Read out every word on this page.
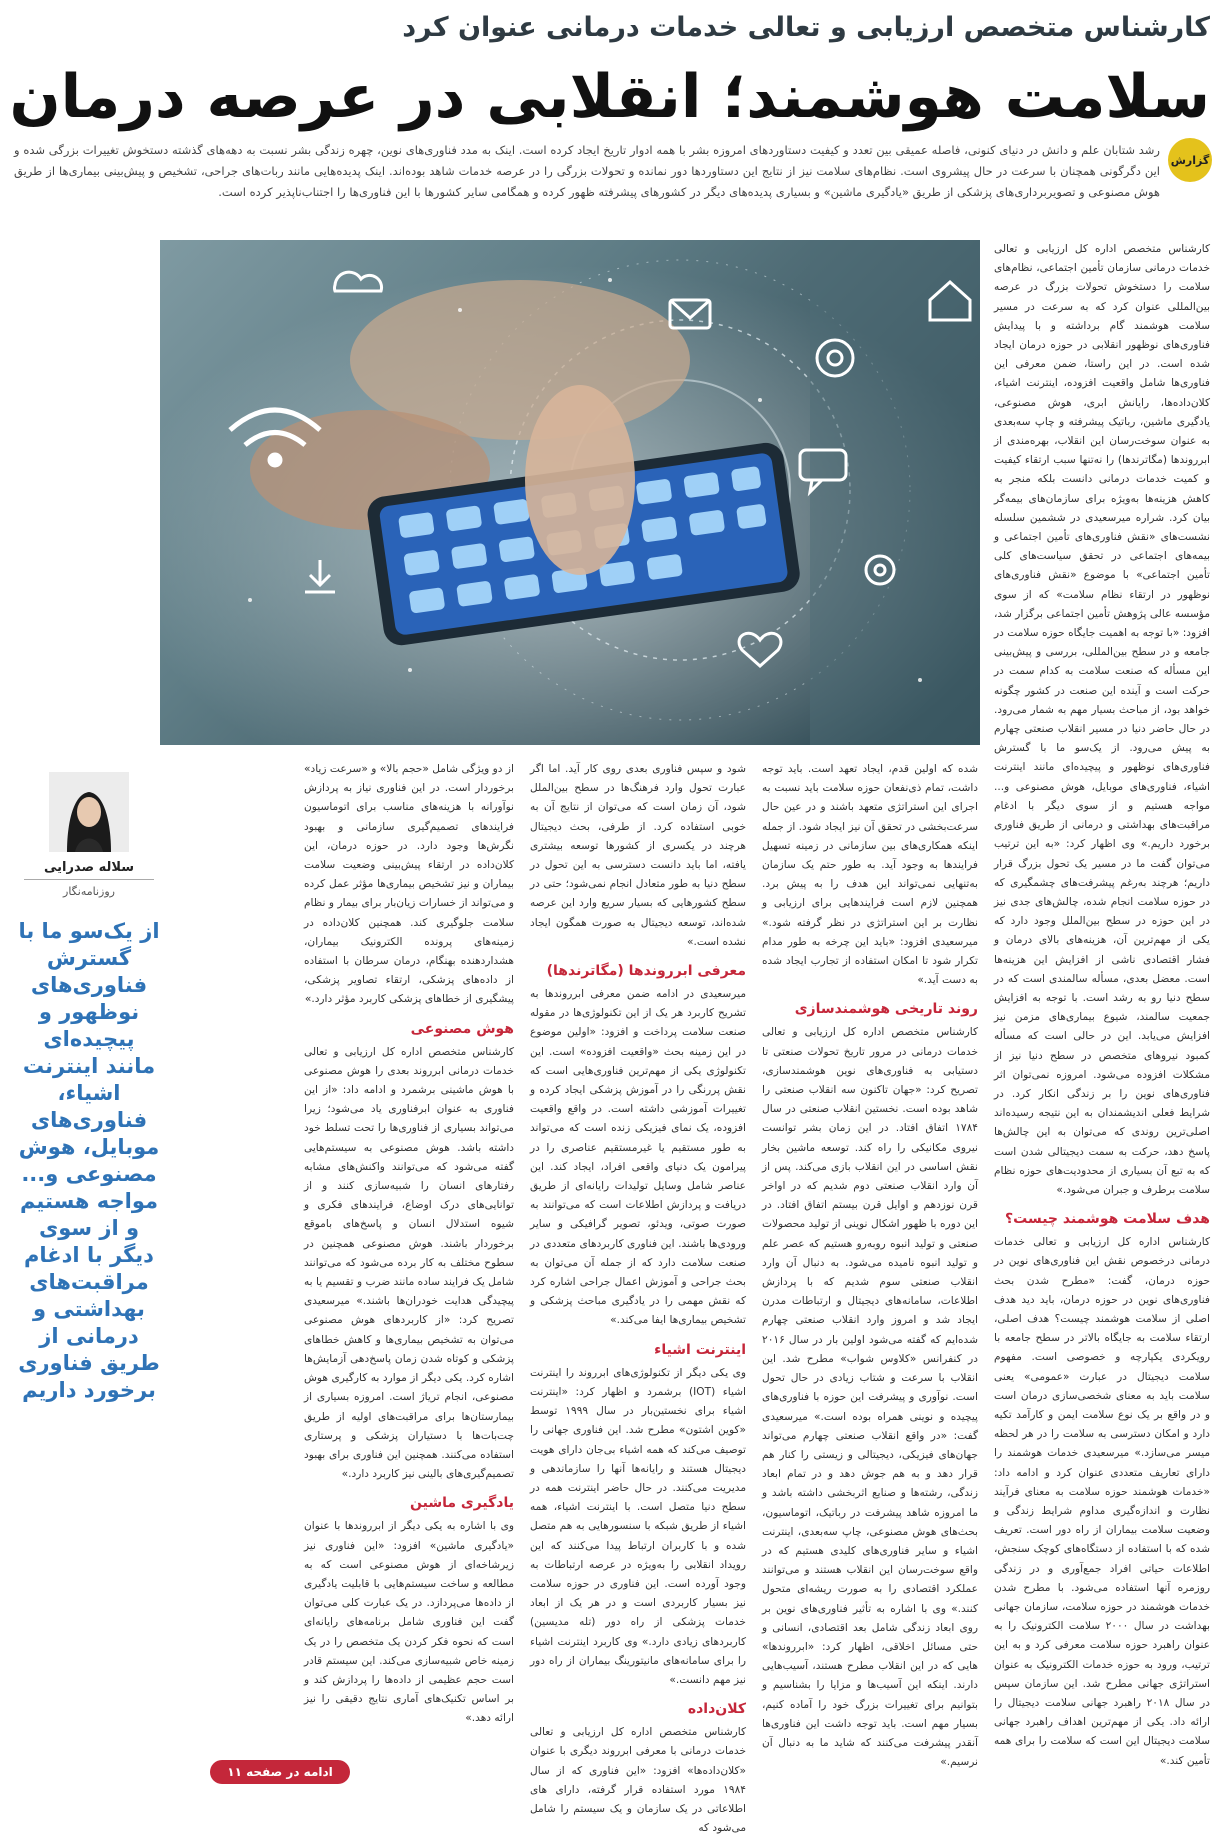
کارشناس متخصص ارزیابی و تعالی خدمات درمانی عنوان کرد
سلامت هوشمند؛ انقلابی در عرصه درمان
گزارش
رشد شتابان علم و دانش در دنیای کنونی، فاصله عمیقی بین تعدد و کیفیت دستاوردهای امروزه بشر با همه ادوار تاریخ ایجاد کرده است. اینک به مدد فناوری‌های نوین، چهره زندگی بشر نسبت به دهه‌های گذشته دستخوش تغییرات بزرگی شده و این دگرگونی همچنان با سرعت در حال پیشروی است. نظام‌های سلامت نیز از نتایج این دستاوردها دور نمانده و تحولات بزرگی را در عرصه خدمات شاهد بوده‌اند. اینک پدیده‌هایی مانند ربات‌های جراحی، تشخیص و پیش‌بینی بیماری‌ها از طریق هوش مصنوعی و تصویربرداری‌های پزشکی از طریق «یادگیری ماشین» و بسیاری پدیده‌های دیگر در کشورهای پیشرفته ظهور کرده و همگامی سایر کشورها با این فناوری‌ها را اجتناب‌ناپذیر کرده است.

کارشناس متخصص اداره کل ارزیابی و تعالی خدمات درمانی سازمان تأمین اجتماعی، نظام‌های سلامت را دستخوش تحولات بزرگ در عرصه بین‌المللی عنوان کرد که به سرعت در مسیر سلامت هوشمند گام برداشته و با پیدایش فناوری‌های نوظهور انقلابی در حوزه درمان ایجاد شده است. در این راستا، ضمن معرفی این فناوری‌ها شامل واقعیت افزوده، اینترنت اشیاء، کلان‌داده‌ها، رایانش ابری، هوش مصنوعی، یادگیری ماشین، رباتیک پیشرفته و چاپ سه‌بعدی به عنوان سوخت‌رسان این انقلاب، بهره‌مندی از ابرروندها (مگاترندها) را نه‌تنها سبب ارتقاء کیفیت و کمیت خدمات درمانی دانست بلکه منجر به کاهش هزینه‌ها به‌ویژه برای سازمان‌های بیمه‌گر بیان کرد. شراره میرسعیدی در ششمین سلسله نشست‌های «نقش فناوری‌های تأمین اجتماعی و بیمه‌های اجتماعی در تحقق سیاست‌های کلی تأمین اجتماعی» با موضوع «نقش فناوری‌های نوظهور در ارتقاء نظام سلامت» که از سوی مؤسسه عالی پژوهش تأمین اجتماعی برگزار شد، افزود: «با توجه به اهمیت جایگاه حوزه سلامت در جامعه و در سطح بین‌المللی، بررسی و پیش‌بینی این مسأله که صنعت سلامت به کدام سمت در حرکت است و آینده این صنعت در کشور چگونه خواهد بود، از مباحث بسیار مهم به شمار می‌رود. در حال حاضر دنیا در مسیر انقلاب صنعتی چهارم به پیش می‌رود. از یک‌سو ما با گسترش فناوری‌های نوظهور و پیچیده‌ای مانند اینترنت اشیاء، فناوری‌های موبایل، هوش مصنوعی و... مواجه هستیم و از سوی دیگر با ادغام مراقبت‌های بهداشتی و درمانی از طریق فناوری برخورد داریم.» وی اظهار کرد: «به این ترتیب می‌توان گفت ما در مسیر یک تحول بزرگ قرار داریم؛ هرچند به‌رغم پیشرفت‌های چشمگیری که در حوزه سلامت انجام شده، چالش‌های جدی نیز در این حوزه در سطح بین‌الملل وجود دارد که یکی از مهم‌ترین آن، هزینه‌های بالای درمان و فشار اقتصادی ناشی از افزایش این هزینه‌ها است. معضل بعدی، مسأله سالمندی است که در سطح دنیا رو به رشد است. با توجه به افزایش جمعیت سالمند، شیوع بیماری‌های مزمن نیز افزایش می‌یابد. این در حالی است که مسأله کمبود نیروهای متخصص در سطح دنیا نیز از مشکلات افزوده می‌شود. امروزه نمی‌توان اثر فناوری‌های نوین را بر زندگی انکار کرد. در شرایط فعلی اندیشمندان به این نتیجه رسیده‌اند اصلی‌ترین روندی که می‌توان به این چالش‌ها پاسخ دهد، حرکت به سمت دیجیتالی شدن است که به تبع آن بسیاری از محدودیت‌های حوزه نظام سلامت برطرف و جبران می‌شود.»

هدف سلامت هوشمند چیست؟

کارشناس اداره کل ارزیابی و تعالی خدمات درمانی درخصوص نقش این فناوری‌های نوین در حوزه درمان، گفت: «مطرح شدن بحث فناوری‌های نوین در حوزه درمان، باید دید هدف اصلی از سلامت هوشمند چیست؟ هدف اصلی، ارتقاء سلامت به جایگاه بالاتر در سطح جامعه با رویکردی یکپارچه و خصوصی است. مفهوم سلامت دیجیتال در عبارت «عمومی» یعنی سلامت باید به معنای شخصی‌سازی درمان است و در واقع بر یک نوع سلامت ایمن و کارآمد تکیه دارد و امکان دسترسی به سلامت را در هر لحظه میسر می‌سازد.» میرسعیدی خدمات هوشمند را دارای تعاریف متعددی عنوان کرد و ادامه داد: «خدمات هوشمند حوزه سلامت به معنای فرآیند نظارت و اندازه‌گیری مداوم شرایط زندگی و وضعیت سلامت بیماران از راه دور است. تعریف شده که با استفاده از دستگاه‌های کوچک سنجش، اطلاعات حیاتی افراد جمع‌آوری و در زندگی روزمره آنها استفاده می‌شود. با مطرح شدن خدمات هوشمند در حوزه سلامت، سازمان جهانی بهداشت در سال ۲۰۰۰ سلامت الکترونیک را به عنوان راهبرد حوزه سلامت معرفی کرد و به این ترتیب، ورود به حوزه خدمات الکترونیک به عنوان استراتژی جهانی مطرح شد. این سازمان سپس در سال ۲۰۱۸ راهبرد جهانی سلامت دیجیتال را ارائه داد. یکی از مهم‌ترین اهداف راهبرد جهانی سلامت دیجیتال این است که سلامت را برای همه تأمین کند.»

شده که اولین قدم، ایجاد تعهد است. باید توجه داشت، تمام ذی‌نفعان حوزه سلامت باید نسبت به اجرای این استراتژی متعهد باشند و در عین حال سرعت‌بخشی در تحقق آن نیز ایجاد شود. از جمله اینکه همکاری‌های بین سازمانی در زمینه تسهیل فرایندها به وجود آید. به طور حتم یک سازمان به‌تنهایی نمی‌تواند این هدف را به پیش برد. همچنین لازم است فرایندهایی برای ارزیابی و نظارت بر این استراتژی در نظر گرفته شود.» میرسعیدی افزود: «باید این چرخه به طور مدام تکرار شود تا امکان استفاده از تجارب ایجاد شده به دست آید.»

روند تاریخی هوشمندسازی

کارشناس متخصص اداره کل ارزیابی و تعالی خدمات درمانی در مرور تاریخ تحولات صنعتی تا دستیابی به فناوری‌های نوین هوشمندسازی، تصریح کرد: «جهان تاکنون سه انقلاب صنعتی را شاهد بوده است. نخستین انقلاب صنعتی در سال ۱۷۸۴ اتفاق افتاد. در این زمان بشر توانست نیروی مکانیکی را راه کند. توسعه ماشین بخار نقش اساسی در این انقلاب بازی می‌کند. پس از آن وارد انقلاب صنعتی دوم شدیم که در اواخر قرن نوزدهم و اوایل قرن بیستم اتفاق افتاد. در این دوره با ظهور اشکال نوینی از تولید محصولات صنعتی و تولید انبوه روبه‌رو هستیم که عصر علم و تولید انبوه نامیده می‌شود. به دنبال آن وارد انقلاب صنعتی سوم شدیم که با پردازش اطلاعات، سامانه‌های دیجیتال و ارتباطات مدرن ایجاد شد و امروز وارد انقلاب صنعتی چهارم شده‌ایم که گفته می‌شود اولین بار در سال ۲۰۱۶ در کنفرانس «کلاوس شواب» مطرح شد. این انقلاب با سرعت و شتاب زیادی در حال تحول است. نوآوری و پیشرفت این حوزه با فناوری‌های پیچیده و نوینی همراه بوده است.» میرسعیدی گفت: «در واقع انقلاب صنعتی چهارم می‌تواند جهان‌های فیزیکی، دیجیتالی و زیستی را کنار هم قرار دهد و به هم جوش دهد و در تمام ابعاد زندگی، رشته‌ها و صنایع اثربخشی داشته باشد و ما امروزه شاهد پیشرفت در رباتیک، اتوماسیون، بحث‌های هوش مصنوعی، چاپ سه‌بعدی، اینترنت اشیاء و سایر فناوری‌های کلیدی هستیم که در واقع سوخت‌رسان این انقلاب هستند و می‌توانند عملکرد اقتصادی را به صورت ریشه‌ای متحول کنند.» وی با اشاره به تأثیر فناوری‌های نوین بر روی ابعاد زندگی شامل بعد اقتصادی، انسانی و حتی مسائل اخلاقی، اظهار کرد: «ابرروندها» هایی که در این انقلاب مطرح هستند، آسیب‌هایی دارند. اینکه این آسیب‌ها و مزایا را بشناسیم و بتوانیم برای تغییرات بزرگ خود را آماده کنیم، بسیار مهم است. باید توجه داشت این فناوری‌ها آنقدر پیشرفت می‌کنند که شاید ما به دنبال آن نرسیم.»

شود و سپس فناوری بعدی روی کار آید. اما اگر عبارت تحول وارد فرهنگ‌ها در سطح بین‌الملل شود، آن زمان است که می‌توان از نتایج آن به خوبی استفاده کرد. از طرفی، بحث دیجیتال هرچند در یکسری از کشورها توسعه بیشتری یافته، اما باید دانست دسترسی به این تحول در سطح دنیا به طور متعادل انجام نمی‌شود؛ حتی در سطح کشورهایی که بسیار سریع وارد این عرصه شده‌اند، توسعه دیجیتال به صورت همگون ایجاد نشده است.»

معرفی ابرروندها (مگاترندها)

میرسعیدی در ادامه ضمن معرفی ابرروندها به تشریح کاربرد هر یک از این تکنولوژی‌ها در مقوله صنعت سلامت پرداخت و افزود: «اولین موضوع در این زمینه بحث «واقعیت افزوده» است. این تکنولوژی یکی از مهم‌ترین فناوری‌هایی است که نقش پررنگی را در آموزش پزشکی ایجاد کرده و تغییرات آموزشی داشته است. در واقع واقعیت افزوده، یک نمای فیزیکی زنده است که می‌تواند به طور مستقیم یا غیرمستقیم عناصری را در پیرامون یک دنیای واقعی افراد، ایجاد کند. این عناصر شامل وسایل تولیدات رایانه‌ای از طریق دریافت و پردازش اطلاعات است که می‌توانند به صورت صوتی، ویدئو، تصویر گرافیکی و سایر ورودی‌ها باشند. این فناوری کاربردهای متعددی در صنعت سلامت دارد که از جمله آن می‌توان به بحث جراحی و آموزش اعمال جراحی اشاره کرد که نقش مهمی را در یادگیری مباحث پزشکی و تشخیص بیماری‌ها ایفا می‌کند.»

اینترنت اشیاء

وی یکی دیگر از تکنولوژی‌های ابرروند را اینترنت اشیاء (IOT) برشمرد و اظهار کرد: «اینترنت اشیاء برای نخستین‌بار در سال ۱۹۹۹ توسط «کوین اشتون» مطرح شد. این فناوری جهانی را توصیف می‌کند که همه اشیاء بی‌جان دارای هویت دیجیتال هستند و رایانه‌ها آنها را سازماندهی و مدیریت می‌کنند. در حال حاضر اینترنت همه در سطح دنیا متصل است. با اینترنت اشیاء، همه اشیاء از طریق شبکه با سنسورهایی به هم متصل شده و با کاربران ارتباط پیدا می‌کنند که این رویداد انقلابی را به‌ویژه در عرصه ارتباطات به وجود آورده است. این فناوری در حوزه سلامت نیز بسیار کاربردی است و در هر یک از ابعاد خدمات پزشکی از راه دور (تله مدیسین) کاربردهای زیادی دارد.» وی کاربرد اینترنت اشیاء را برای سامانه‌های مانیتورینگ بیماران از راه دور نیز مهم دانست.»

کلان‌داده

کارشناس متخصص اداره کل ارزیابی و تعالی خدمات درمانی با معرفی ابرروند دیگری با عنوان «کلان‌داده‌ها» افزود: «این فناوری که از سال ۱۹۸۴ مورد استفاده قرار گرفته، دارای های اطلاعاتی در یک سازمان و یک سیستم را شامل می‌شود که

از دو ویژگی شامل «حجم بالا» و «سرعت زیاد» برخوردار است. در این فناوری نیاز به پردازش نوآورانه با هزینه‌های مناسب برای اتوماسیون فرایندهای تصمیم‌گیری سازمانی و بهبود نگرش‌ها وجود دارد. در حوزه درمان، این کلان‌داده در ارتقاء پیش‌بینی وضعیت سلامت بیماران و نیز تشخیص بیماری‌ها مؤثر عمل کرده و می‌تواند از خسارات زیان‌بار برای بیمار و نظام سلامت جلوگیری کند. همچنین کلان‌داده در زمینه‌های پرونده الکترونیک بیماران، هشداردهنده بهنگام، درمان سرطان با استفاده از داده‌های پزشکی، ارتقاء تصاویر پزشکی، پیشگیری از خطاهای پزشکی کاربرد مؤثر دارد.»

هوش مصنوعی

کارشناس متخصص اداره کل ارزیابی و تعالی خدمات درمانی ابرروند بعدی را هوش مصنوعی با هوش ماشینی برشمرد و ادامه داد: «از این فناوری به عنوان ابرفناوری یاد می‌شود؛ زیرا می‌تواند بسیاری از فناوری‌ها را تحت تسلط خود داشته باشد. هوش مصنوعی به سیستم‌هایی گفته می‌شود که می‌توانند واکنش‌های مشابه رفتارهای انسان را شبیه‌سازی کنند و از توانایی‌های درک اوضاع، فرایندهای فکری و شیوه استدلال انسان و پاسخ‌های باموقع برخوردار باشند. هوش مصنوعی همچنین در سطوح مختلف به کار برده می‌شود که می‌توانند شامل یک فرایند ساده مانند ضرب و تقسیم یا به پیچیدگی هدایت خودران‌ها باشند.» میرسعیدی تصریح کرد: «از کاربردهای هوش مصنوعی می‌توان به تشخیص بیماری‌ها و کاهش خطاهای پزشکی و کوتاه شدن زمان پاسخ‌دهی آزمایش‌ها اشاره کرد. یکی دیگر از موارد به کارگیری هوش مصنوعی، انجام تریاژ است. امروزه بسیاری از بیمارستان‌ها برای مراقبت‌های اولیه از طریق چت‌بات‌ها با دستیاران پزشکی و پرستاری استفاده می‌کنند. همچنین این فناوری برای بهبود تصمیم‌گیری‌های بالینی نیز کاربرد دارد.»

یادگیری ماشین

وی با اشاره به یکی دیگر از ابرروندها با عنوان «یادگیری ماشین» افزود: «این فناوری نیز زیرشاخه‌ای از هوش مصنوعی است که به مطالعه و ساخت سیستم‌هایی با قابلیت یادگیری از داده‌ها می‌پردازد. در یک عبارت کلی می‌توان گفت این فناوری شامل برنامه‌های رایانه‌ای است که نحوه فکر کردن یک متخصص را در یک زمینه خاص شبیه‌سازی می‌کند. این سیستم قادر است حجم عظیمی از داده‌ها را پردازش کند و بر اساس تکنیک‌های آماری نتایج دقیقی را نیز ارائه دهد.»

سلاله صدرایی
روزنامه‌نگار
از یک‌سو ما با گسترش فناوری‌های نوظهور و پیچیده‌ای مانند اینترنت اشیاء، فناوری‌های موبایل، هوش مصنوعی و... مواجه هستیم و از سوی دیگر با ادغام مراقبت‌های بهداشتی و درمانی از طریق فناوری برخورد داریم
ادامه در صفحه ۱۱
